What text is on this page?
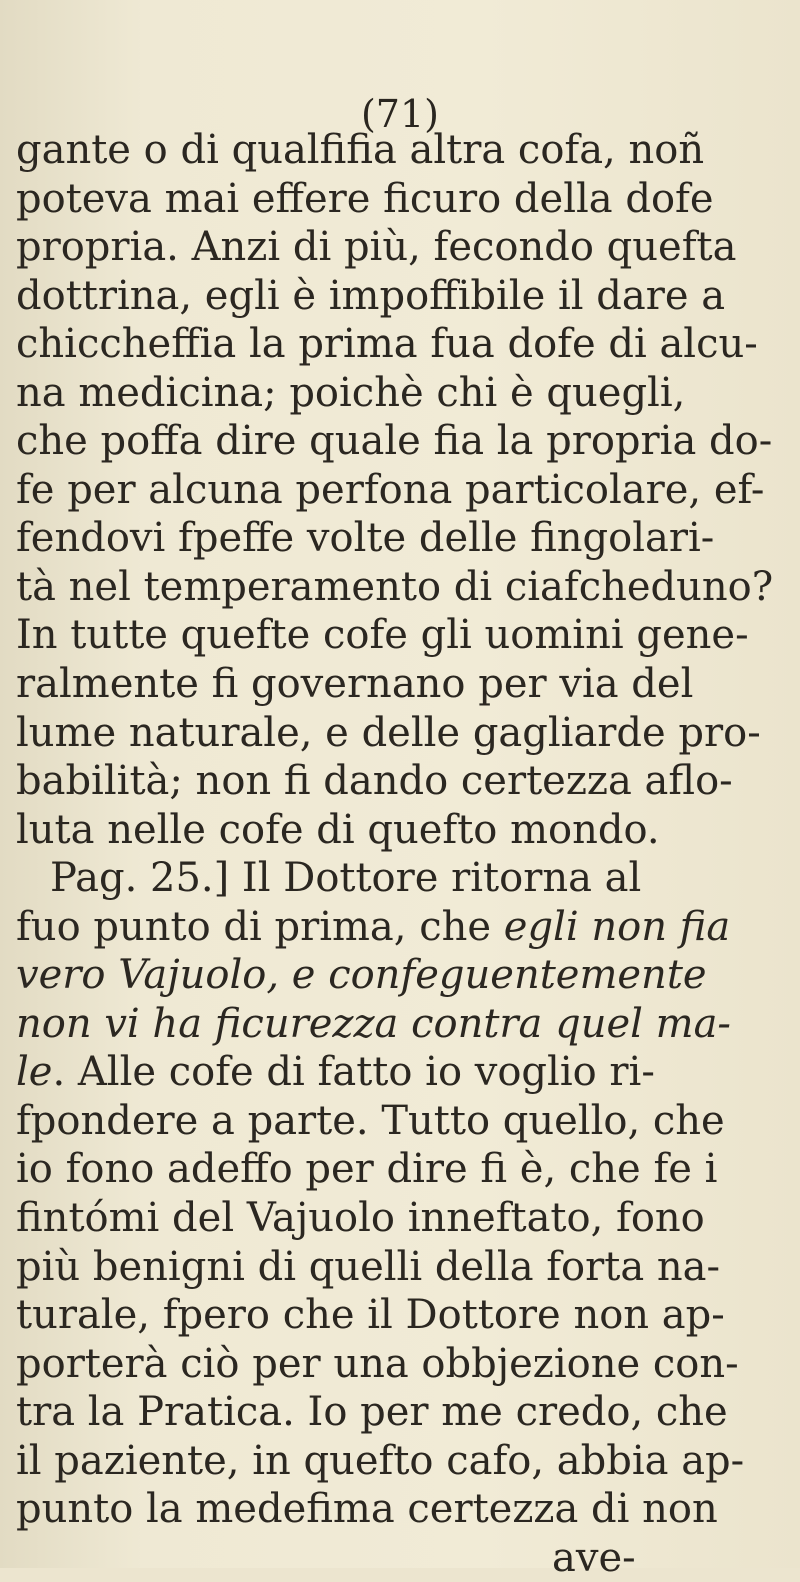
(71)
gante o di qualfifia altra cofa, noñ
poteva mai effere ficuro della dofe
propria. Anzi di più, fecondo quefta
dottrina, egli è impoffibile il dare a
chiccheffia la prima fua dofe di alcu-
na medicina; poichè chi è quegli,
che poffa dire quale fia la propria do-
fe per alcuna perfona particolare, ef-
fendovi fpeffe volte delle fingolari-
tà nel temperamento di ciafcheduno?
In tutte quefte cofe gli uomini gene-
ralmente fi governano per via del
lume naturale, e delle gagliarde pro-
babilità; non fi dando certezza aflo-
luta nelle cofe di quefto mondo.
Pag. 25.] Il Dottore ritorna al
fuo punto di prima, che egli non fia
vero Vajuolo, e confeguentemente
non vi ha ficurezza contra quel ma-
le. Alle cofe di fatto io voglio ri-
fpondere a parte. Tutto quello, che
io fono adeffo per dire fi è, che fe i
fintómi del Vajuolo inneftato, fono
più benigni di quelli della forta na-
turale, fpero che il Dottore non ap-
porterà ciò per una obbjezione con-
tra la Pratica. Io per me credo, che
il paziente, in quefto cafo, abbia ap-
punto la medefima certezza di non
ave-
